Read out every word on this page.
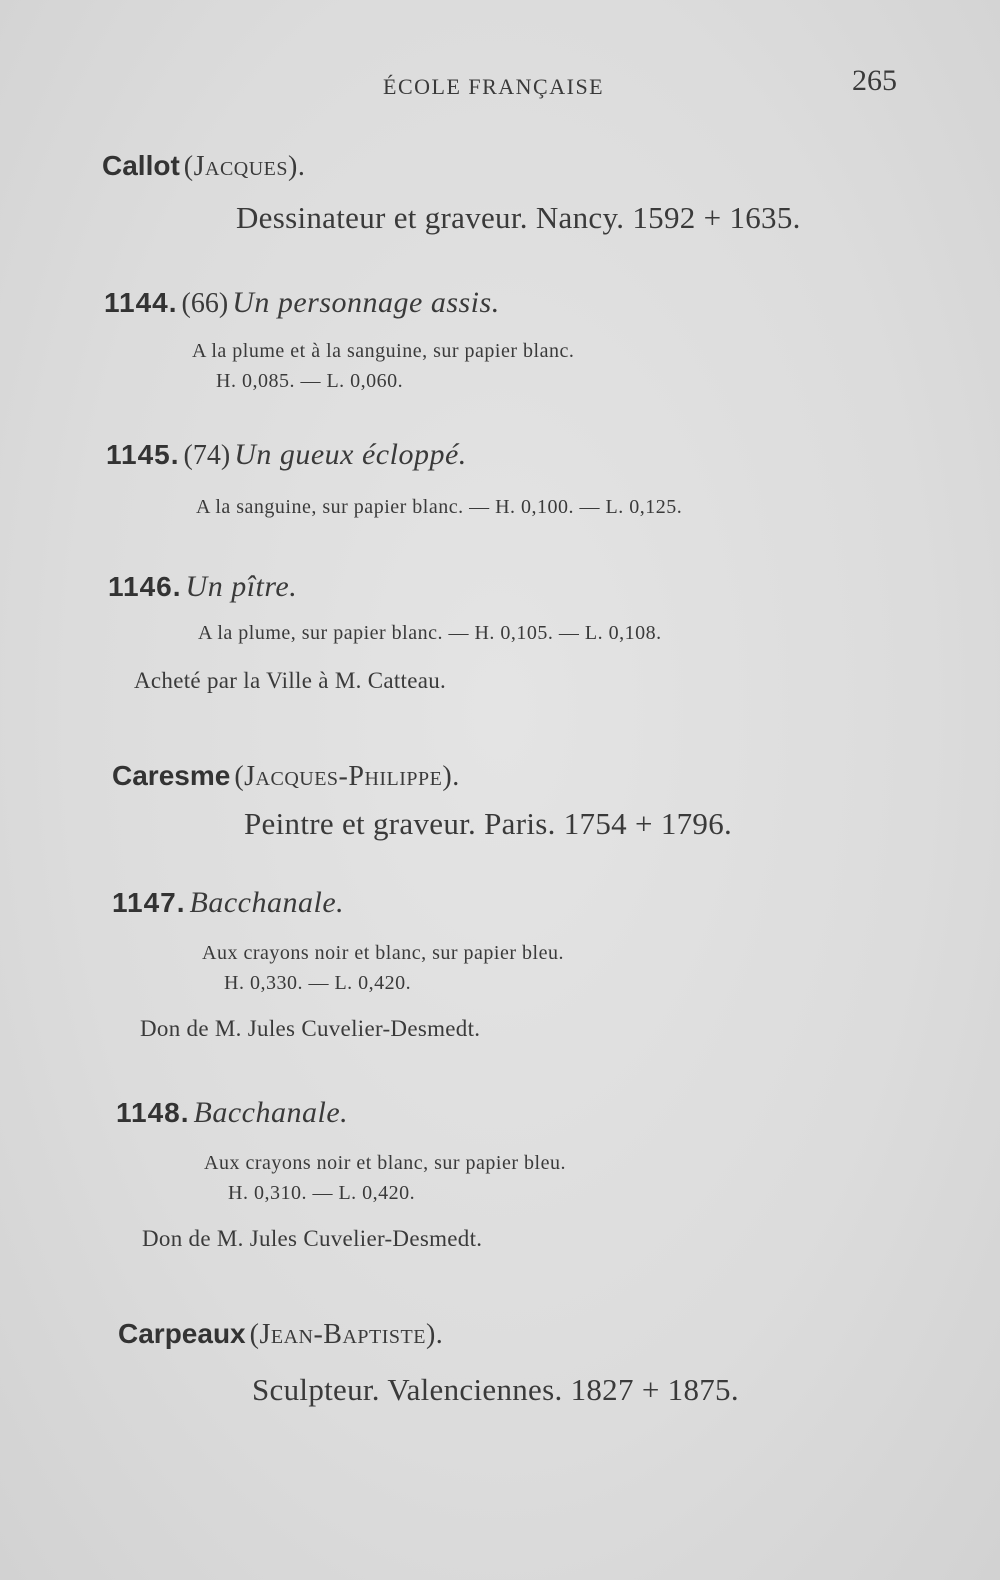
ÉCOLE FRANÇAISE	265
Callot (Jacques).
Dessinateur et graveur. Nancy. 1592 + 1635.
1144. (66) Un personnage assis.
A la plume et à la sanguine, sur papier blanc.
H. 0,085. — L. 0,060.
1145. (74) Un gueux écloppé.
A la sanguine, sur papier blanc. — H. 0,100. — L. 0,125.
1146. Un pître.
A la plume, sur papier blanc. — H. 0,105. — L. 0,108.
Acheté par la Ville à M. Catteau.
Caresme (Jacques-Philippe).
Peintre et graveur. Paris. 1754 + 1796.
1147. Bacchanale.
Aux crayons noir et blanc, sur papier bleu.
H. 0,330. — L. 0,420.
Don de M. Jules Cuvelier-Desmedt.
1148. Bacchanale.
Aux crayons noir et blanc, sur papier bleu.
H. 0,310. — L. 0,420.
Don de M. Jules Cuvelier-Desmedt.
Carpeaux (Jean-Baptiste).
Sculpteur. Valenciennes. 1827 + 1875.
